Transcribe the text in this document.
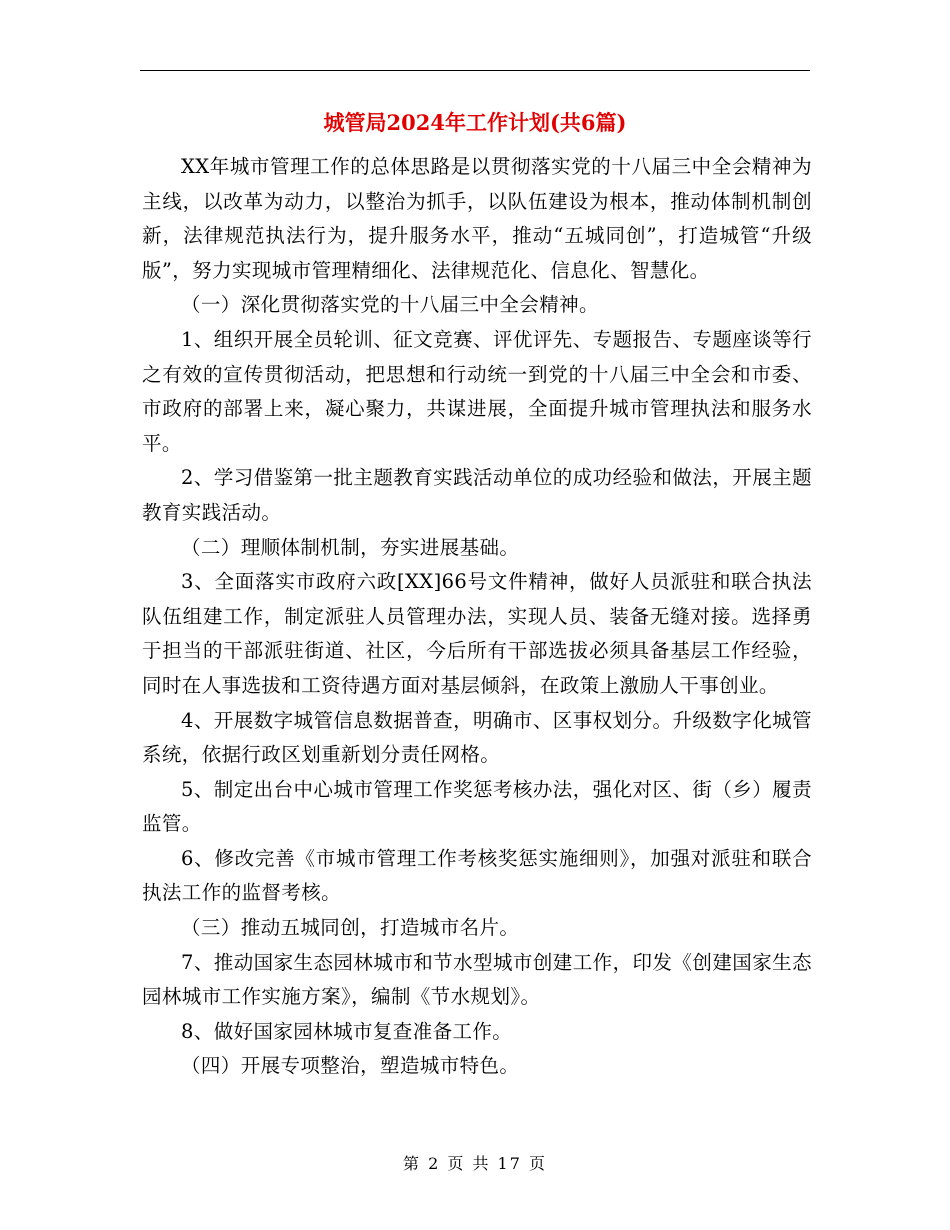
城管局2024年工作计划(共6篇)

XX年城市管理工作的总体思路是以贯彻落实党的十八届三中全会精神为主线，以改革为动力，以整治为抓手，以队伍建设为根本，推动体制机制创新，法律规范执法行为，提升服务水平，推动“五城同创”，打造城管“升级版”，努力实现城市管理精细化、法律规范化、信息化、智慧化。

（一）深化贯彻落实党的十八届三中全会精神。

1、组织开展全员轮训、征文竞赛、评优评先、专题报告、专题座谈等行之有效的宣传贯彻活动，把思想和行动统一到党的十八届三中全会和市委、市政府的部署上来，凝心聚力，共谋进展，全面提升城市管理执法和服务水平。

2、学习借鉴第一批主题教育实践活动单位的成功经验和做法，开展主题教育实践活动。

（二）理顺体制机制，夯实进展基础。

3、全面落实市政府六政[XX]66号文件精神，做好人员派驻和联合执法队伍组建工作，制定派驻人员管理办法，实现人员、装备无缝对接。选择勇于担当的干部派驻街道、社区，今后所有干部选拔必须具备基层工作经验，同时在人事选拔和工资待遇方面对基层倾斜，在政策上激励人干事创业。

4、开展数字城管信息数据普查，明确市、区事权划分。升级数字化城管系统，依据行政区划重新划分责任网格。

5、制定出台中心城市管理工作奖惩考核办法，强化对区、街（乡）履责监管。

6、修改完善《市城市管理工作考核奖惩实施细则》，加强对派驻和联合执法工作的监督考核。

（三）推动五城同创，打造城市名片。

7、推动国家生态园林城市和节水型城市创建工作，印发《创建国家生态园林城市工作实施方案》，编制《节水规划》。

8、做好国家园林城市复查准备工作。

（四）开展专项整治，塑造城市特色。

第 2 页 共 17 页
